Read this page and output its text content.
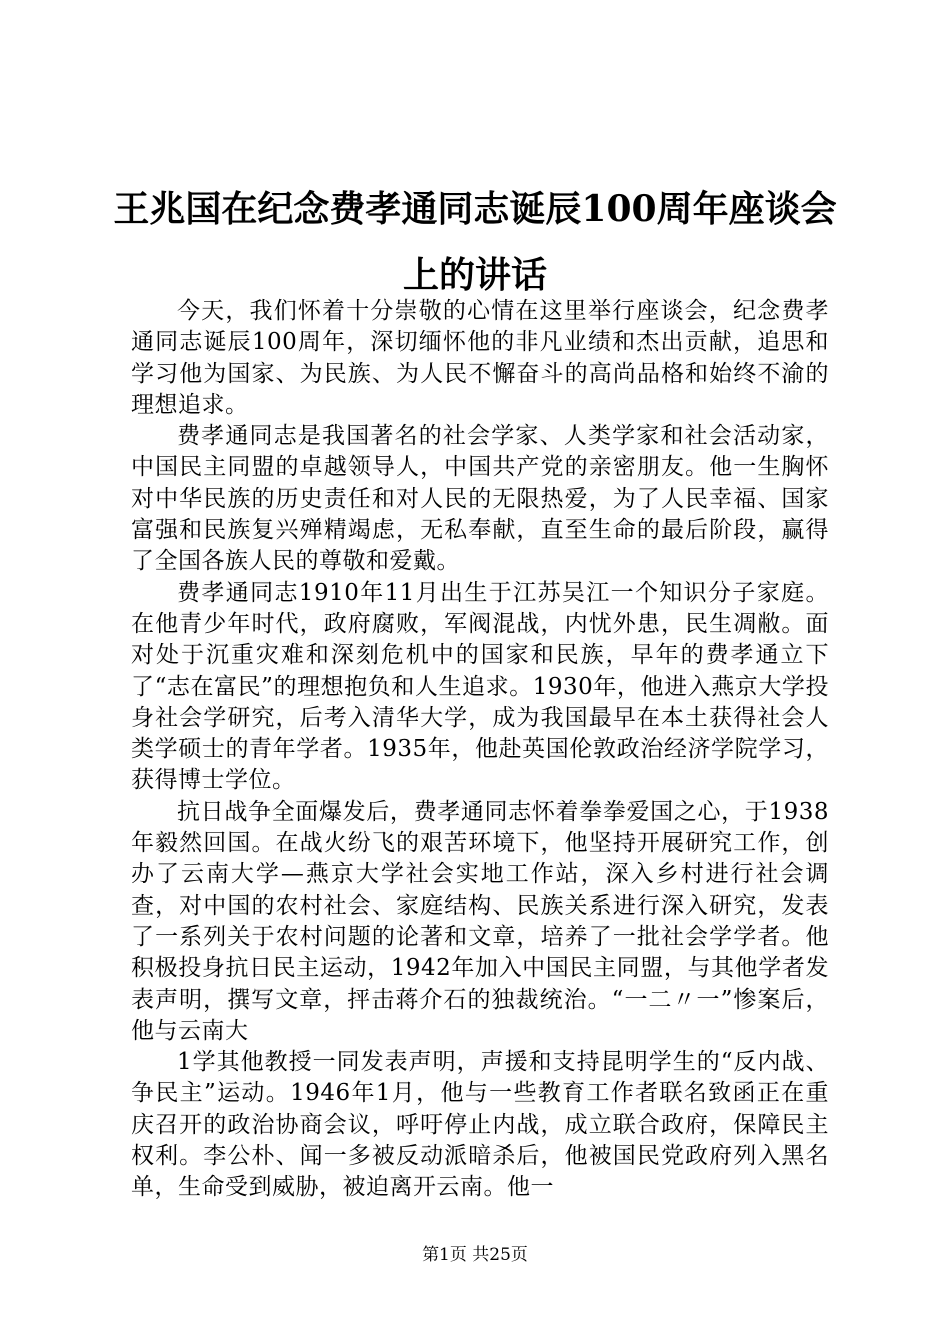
王兆国在纪念费孝通同志诞辰100周年座谈会上的讲话

今天，我们怀着十分崇敬的心情在这里举行座谈会，纪念费孝通同志诞辰100周年，深切缅怀他的非凡业绩和杰出贡献，追思和学习他为国家、为民族、为人民不懈奋斗的高尚品格和始终不渝的理想追求。

费孝通同志是我国著名的社会学家、人类学家和社会活动家，中国民主同盟的卓越领导人，中国共产党的亲密朋友。他一生胸怀对中华民族的历史责任和对人民的无限热爱，为了人民幸福、国家富强和民族复兴殚精竭虑，无私奉献，直至生命的最后阶段，赢得了全国各族人民的尊敬和爱戴。

费孝通同志1910年11月出生于江苏吴江一个知识分子家庭。在他青少年时代，政府腐败，军阀混战，内忧外患，民生凋敝。面对处于沉重灾难和深刻危机中的国家和民族，早年的费孝通立下了“志在富民”的理想抱负和人生追求。1930年，他进入燕京大学投身社会学研究，后考入清华大学，成为我国最早在本土获得社会人类学硕士的青年学者。1935年，他赴英国伦敦政治经济学院学习，获得博士学位。

抗日战争全面爆发后，费孝通同志怀着拳拳爱国之心，于1938年毅然回国。在战火纷飞的艰苦环境下，他坚持开展研究工作，创办了云南大学—燕京大学社会实地工作站，深入乡村进行社会调查，对中国的农村社会、家庭结构、民族关系进行深入研究，发表了一系列关于农村问题的论著和文章，培养了一批社会学学者。他积极投身抗日民主运动，1942年加入中国民主同盟，与其他学者发表声明，撰写文章，抨击蒋介石的独裁统治。“一二〃一”惨案后，他与云南大

1学其他教授一同发表声明，声援和支持昆明学生的“反内战、争民主”运动。1946年1月，他与一些教育工作者联名致函正在重庆召开的政治协商会议，呼吁停止内战，成立联合政府，保障民主权利。李公朴、闻一多被反动派暗杀后，他被国民党政府列入黑名单，生命受到威胁，被迫离开云南。他一

第1页 共25页
